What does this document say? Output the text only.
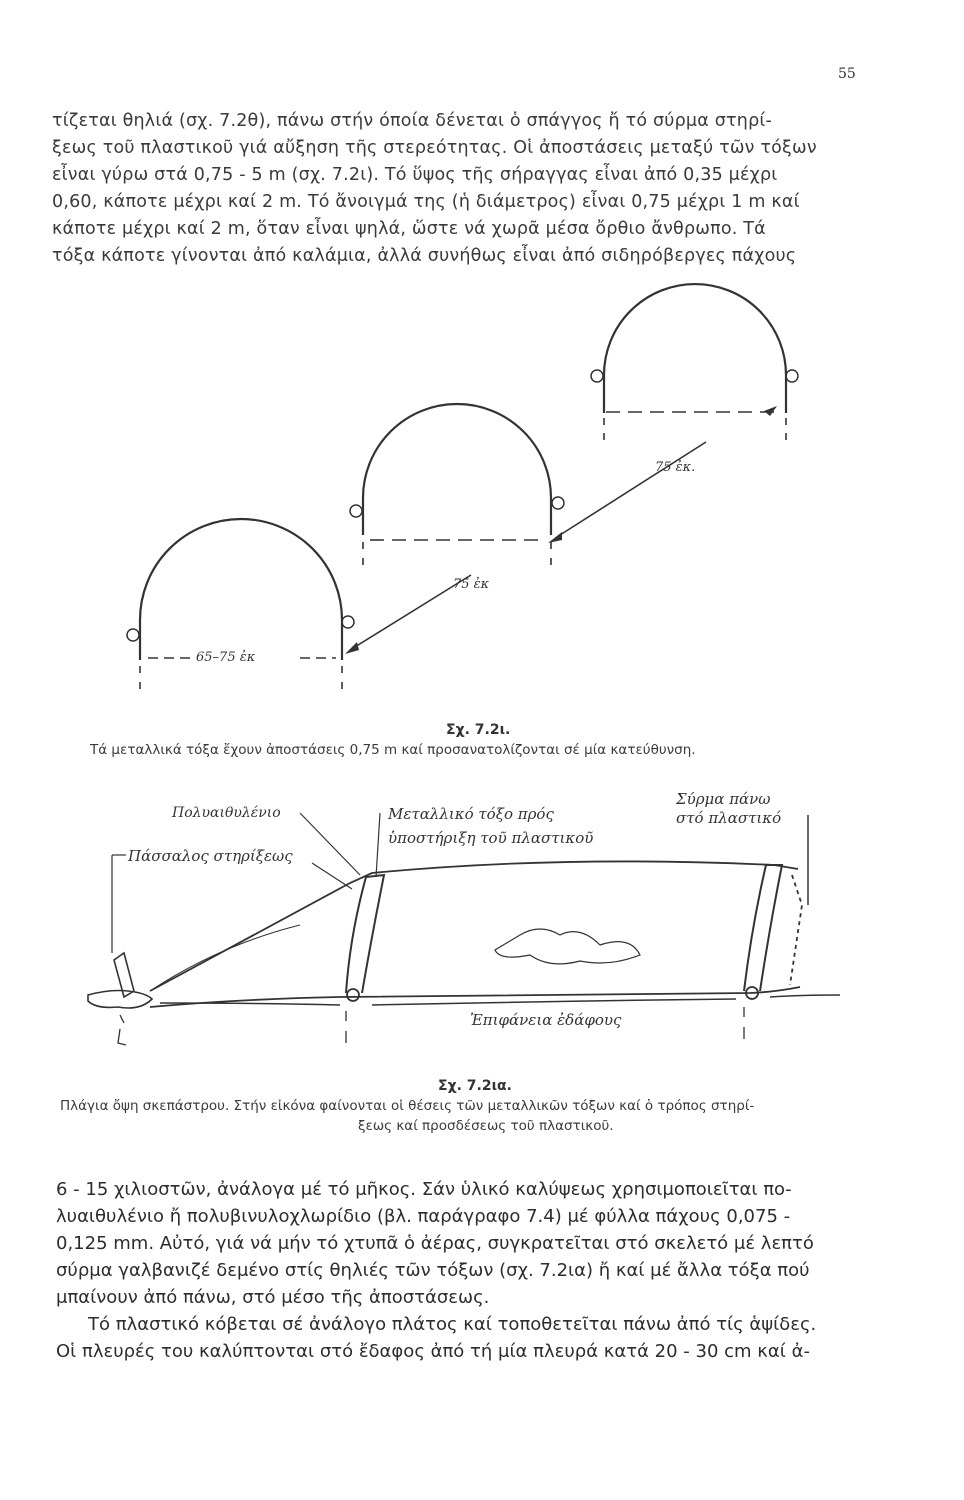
55
τίζεται θηλιά (σχ. 7.2θ), πάνω στήν όποία δένεται ὁ σπάγγος ἤ τό σύρμα στηρί-
ξεως τοῦ πλαστικοῦ γιά αὔξηση τῆς στερεότητας. Οἱ ἀποστάσεις μεταξύ τῶν τόξων
εἶναι γύρω στά 0,75 - 5 m (σχ. 7.2ι). Τό ὕψος τῆς σήραγγας εἶναι ἀπό 0,35 μέχρι
0,60, κάποτε μέχρι καί 2 m. Τό ἄνοιγμά της (ἡ διάμετρος) εἶναι 0,75 μέχρι 1 m καί
κάποτε μέχρι καί 2 m, ὅταν εἶναι ψηλά, ὥστε νά χωρᾶ μέσα ὄρθιο ἄνθρωπο. Τά
τόξα κάποτε γίνονται ἀπό καλάμια, ἀλλά συνήθως εἶναι ἀπό σιδηρόβεργες πάχους
75 ἐκ.
75 ἐκ
65–75 ἐκ
Σχ. 7.2ι.
Τά μεταλλικά τόξα ἔχουν ἀποστάσεις 0,75 m καί προσανατολίζονται σέ μία κατεύθυνση.
Πολυαιθυλένιο
Πάσσαλος στηρίξεως
Μεταλλικό τόξο πρός
ὑποστήριξη τοῦ πλαστικοῦ
Σύρμα πάνω
στό πλαστικό
Ἐπιφάνεια ἐδάφους
Σχ. 7.2ια.
Πλάγια ὄψη σκεπάστρου. Στήν εἰκόνα φαίνονται οἱ θέσεις τῶν μεταλλικῶν τόξων καί ὁ τρόπος στηρί-
ξεως καί προσδέσεως τοῦ πλαστικοῦ.
6 - 15 χιλιοστῶν, ἀνάλογα μέ τό μῆκος. Σάν ὑλικό καλύψεως χρησιμοποιεῖται πο-
λυαιθυλένιο ἤ πολυβινυλοχλωρίδιο (βλ. παράγραφο 7.4) μέ φύλλα πάχους 0,075 -
0,125 mm. Αὐτό, γιά νά μήν τό χτυπᾶ ὁ ἀέρας, συγκρατεῖται στό σκελετό μέ λεπτό
σύρμα γαλβανιζέ δεμένο στίς θηλιές τῶν τόξων (σχ. 7.2ια) ἤ καί μέ ἄλλα τόξα πού
μπαίνουν ἀπό πάνω, στό μέσο τῆς ἀποστάσεως.
Τό πλαστικό κόβεται σέ ἀνάλογο πλάτος καί τοποθετεῖται πάνω ἀπό τίς ἁψίδες.
Οἱ πλευρές του καλύπτονται στό ἔδαφος ἀπό τή μία πλευρά κατά 20 - 30 cm καί ἀ-
